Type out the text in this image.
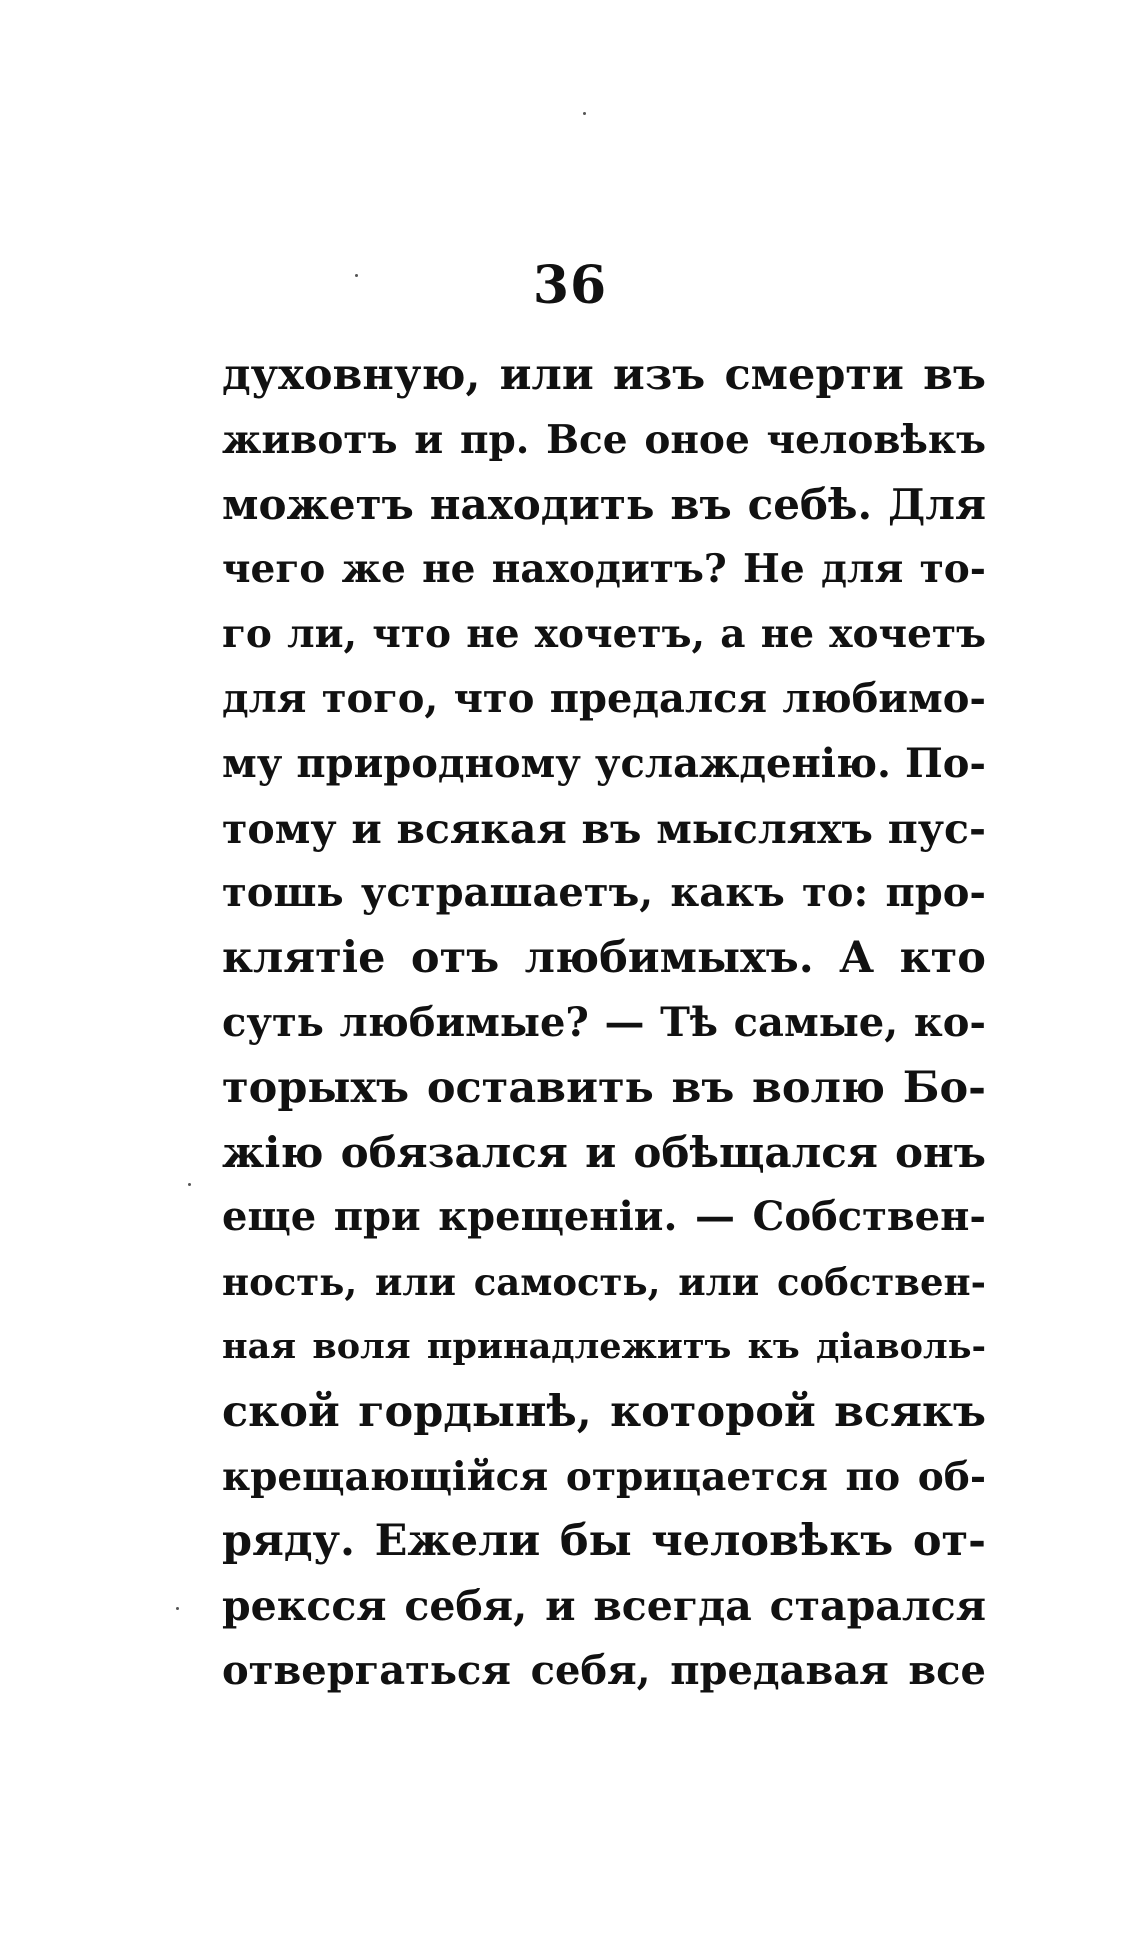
36
духовную, или изъ смерти въ
животъ и пр. Все оное человѣкъ
можетъ находить въ себѣ. Для
чего же не находитъ? Не для то-
го ли, что не хочетъ, а не хочетъ
для того, что предался любимо-
му природному услажденію. По-
тому и всякая въ мысляхъ пус-
тошь устрашаетъ, какъ то: про-
клятіе отъ любимыхъ. А кто
суть любимые? — Тѣ самые, ко-
торыхъ оставить въ волю Бо-
жію обязался и обѣщался онъ
еще при крещеніи. — Собствен-
ность, или самость, или собствен-
ная воля принадлежитъ къ діаволь-
ской гордынѣ, которой всякъ
крещающійся отрицается по об-
ряду. Ежели бы человѣкъ от-
рексся себя, и всегда старался
отвергаться себя, предавая все
